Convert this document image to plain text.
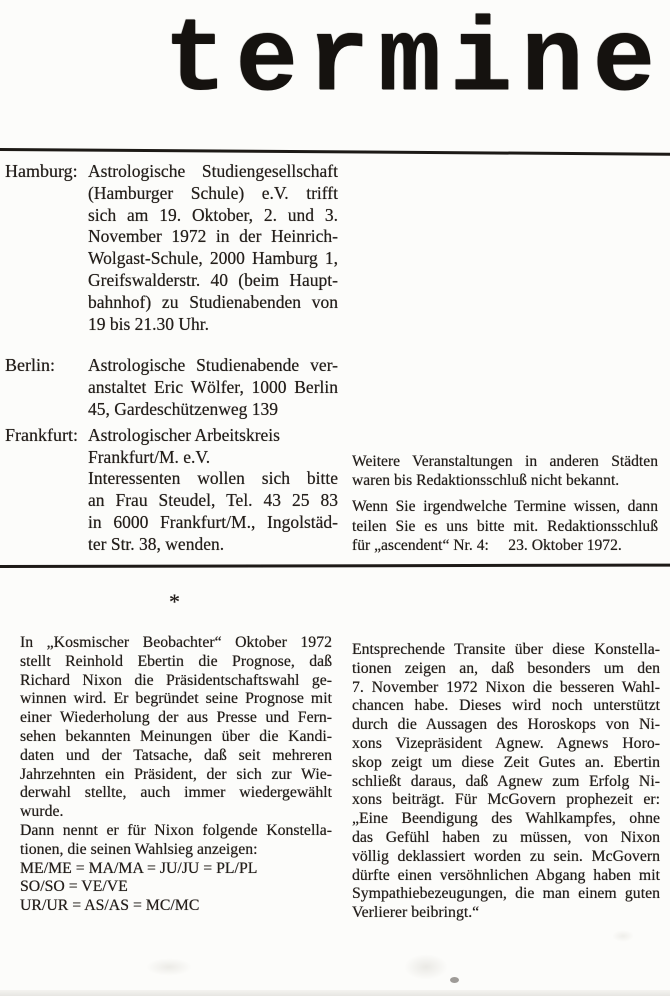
termine
Hamburg: Astrologische Studiengesellschaft
(Hamburger Schule) e.V. trifft
sich am 19. Oktober, 2. und 3.
November 1972 in der Heinrich-
Wolgast-Schule, 2000 Hamburg 1,
Greifswalderstr. 40 (beim Haupt-
bahnhof) zu Studienabenden von
19 bis 21.30 Uhr.
Berlin:	Astrologische Studienabende ver-
anstaltet Eric Wölfer, 1000 Berlin
45, Gardeschützenweg 139
Frankfurt: Astrologischer Arbeitskreis
Frankfurt/M. e.V.
Interessenten wollen sich bitte
an Frau Steudel, Tel. 43 25 83
in 6000 Frankfurt/M., Ingolstäd-
ter Str. 38, wenden.
Weitere Veranstaltungen in anderen Städten
waren bis Redaktionsschluß nicht bekannt.
Wenn Sie irgendwelche Termine wissen, dann
teilen Sie es uns bitte mit. Redaktionsschluß
für „ascendent“ Nr. 4:  23. Oktober 1972.
*
In „Kosmischer Beobachter“ Oktober 1972
stellt Reinhold Ebertin die Prognose, daß
Richard Nixon die Präsidentschaftswahl ge-
winnen wird. Er begründet seine Prognose mit
einer Wiederholung der aus Presse und Fern-
sehen bekannten Meinungen über die Kandi-
daten und der Tatsache, daß seit mehreren
Jahrzehnten ein Präsident, der sich zur Wie-
derwahl stellte, auch immer wiedergewählt
wurde.
Dann nennt er für Nixon folgende Konstella-
tionen, die seinen Wahlsieg anzeigen:
ME/ME = MA/MA = JU/JU = PL/PL
SO/SO = VE/VE
UR/UR = AS/AS = MC/MC
Entsprechende Transite über diese Konstella-
tionen zeigen an, daß besonders um den
7. November 1972 Nixon die besseren Wahl-
chancen habe. Dieses wird noch unterstützt
durch die Aussagen des Horoskops von Ni-
xons Vizepräsident Agnew. Agnews Horo-
skop zeigt um diese Zeit Gutes an. Ebertin
schließt daraus, daß Agnew zum Erfolg Ni-
xons beiträgt. Für McGovern prophezeit er:
„Eine Beendigung des Wahlkampfes, ohne
das Gefühl haben zu müssen, von Nixon
völlig deklassiert worden zu sein. McGovern
dürfte einen versöhnlichen Abgang haben mit
Sympathiebezeugungen, die man einem guten
Verlierer beibringt.“
